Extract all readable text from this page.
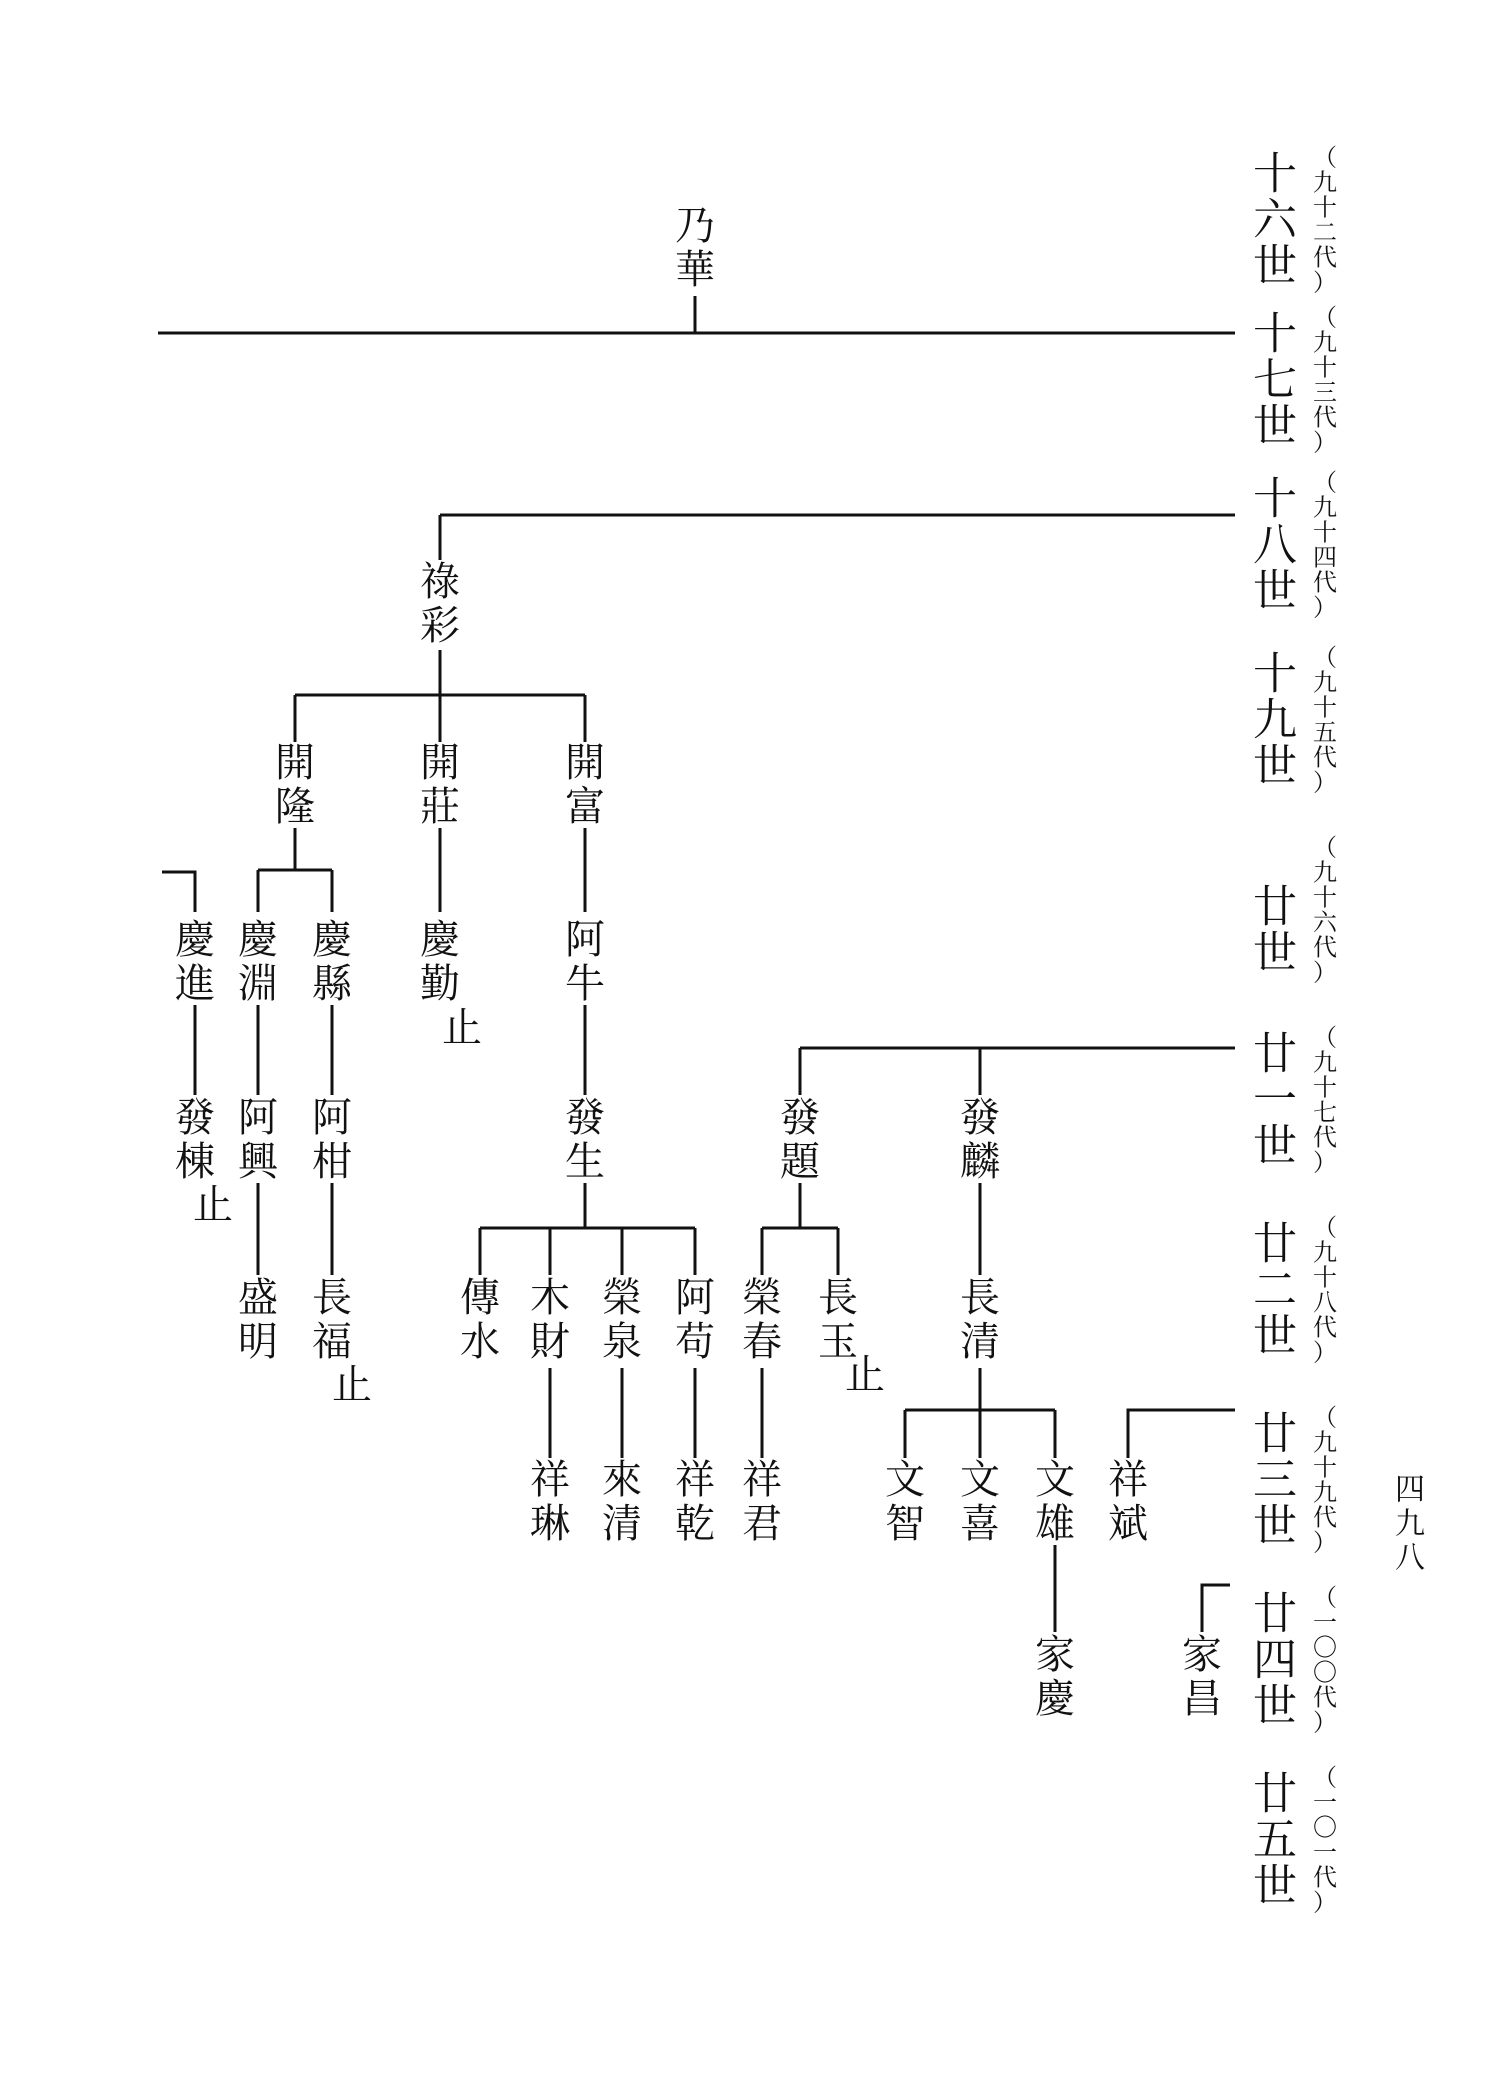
十
六
世
（
九
十
二
代
）
十
七
世
（
九
十
三
代
）
十
八
世
（
九
十
四
代
）
十
九
世
（
九
十
五
代
）
廿
世
（
九
十
六
代
）
廿
一
世
（
九
十
七
代
）
廿
二
世
（
九
十
八
代
）
廿
三
世
（
九
十
九
代
）
廿
四
世
（
一
〇
〇
代
）
廿
五
世
（
一
〇
一
代
）
四
九
八
乃
華
祿
彩
開
隆
開
莊
開
富
慶
進
慶
淵
慶
縣
慶
勤
阿
牛
止
發
棟
阿
興
阿
柑
發
生
發
題
發
麟
止
盛
明
長
福
傳
水
木
財
榮
泉
阿
苟
榮
春
長
玉
長
清
止	止
祥
琳
來
清
祥
乾
祥
君
文
智
文
喜
文
雄
祥
斌
家
慶
家
昌
